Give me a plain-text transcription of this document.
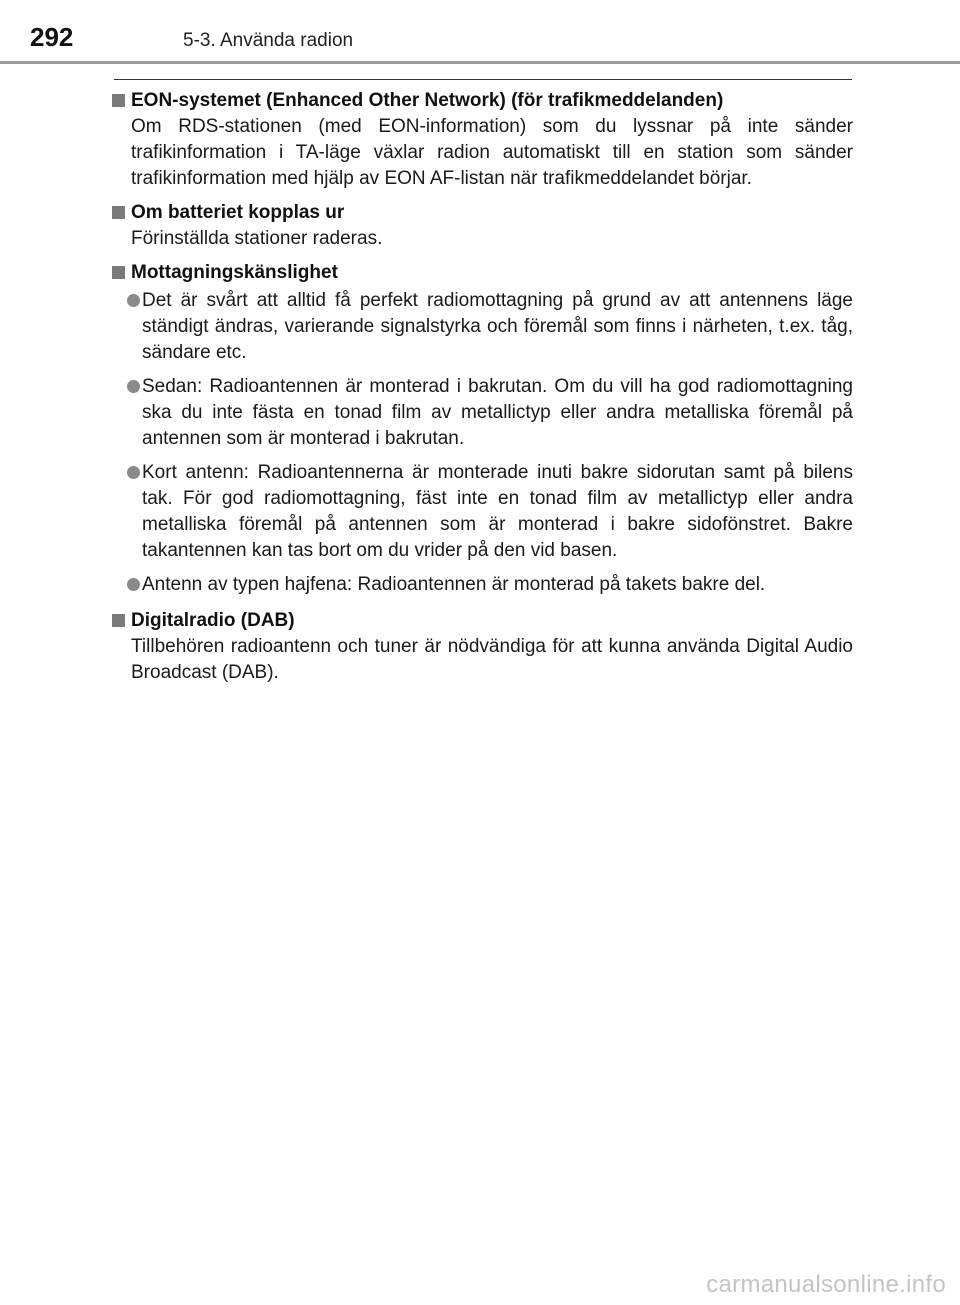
292	5-3. Använda radion
EON-systemet (Enhanced Other Network) (för trafikmeddelanden)
Om RDS-stationen (med EON-information) som du lyssnar på inte sänder trafikinformation i TA-läge växlar radion automatiskt till en station som sänder trafikinformation med hjälp av EON AF-listan när trafikmeddelandet börjar.
Om batteriet kopplas ur
Förinställda stationer raderas.
Mottagningskänslighet
Det är svårt att alltid få perfekt radiomottagning på grund av att antennens läge ständigt ändras, varierande signalstyrka och föremål som finns i närheten, t.ex. tåg, sändare etc.
Sedan: Radioantennen är monterad i bakrutan. Om du vill ha god radiomottagning ska du inte fästa en tonad film av metallictyp eller andra metalliska föremål på antennen som är monterad i bakrutan.
Kort antenn: Radioantennerna är monterade inuti bakre sidorutan samt på bilens tak. För god radiomottagning, fäst inte en tonad film av metallictyp eller andra metalliska föremål på antennen som är monterad i bakre sidofönstret. Bakre takantennen kan tas bort om du vrider på den vid basen.
Antenn av typen hajfena: Radioantennen är monterad på takets bakre del.
Digitalradio (DAB)
Tillbehören radioantenn och tuner är nödvändiga för att kunna använda Digital Audio Broadcast (DAB).
carmanualsonline.info
